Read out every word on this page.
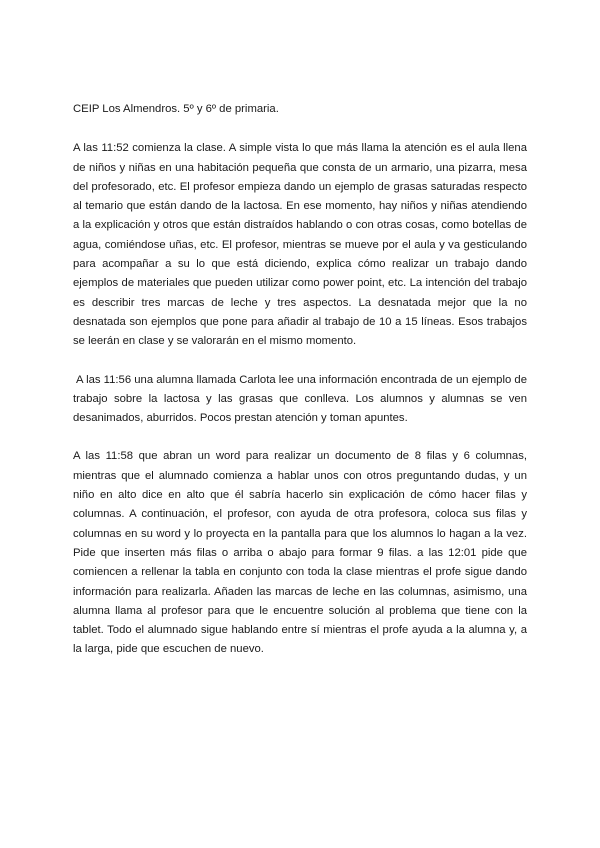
CEIP Los Almendros. 5º y 6º de primaria.

A las 11:52 comienza la clase. A simple vista lo que más llama la atención es el aula llena de niños y niñas en una habitación pequeña que consta de un armario, una pizarra, mesa del profesorado, etc. El profesor empieza dando un ejemplo de grasas saturadas respecto al temario que están dando de la lactosa. En ese momento, hay niños y niñas atendiendo a la explicación y otros que están distraídos hablando o con otras cosas, como botellas de agua, comiéndose uñas, etc. El profesor, mientras se mueve por el aula y va gesticulando para acompañar a su lo que está diciendo, explica cómo realizar un trabajo dando ejemplos de materiales que pueden utilizar como power point, etc. La intención del trabajo es describir tres marcas de leche y tres aspectos. La desnatada mejor que la no desnatada son ejemplos que pone para añadir al trabajo de 10 a 15 líneas. Esos trabajos se leerán en clase y se valorarán en el mismo momento.

A las 11:56 una alumna llamada Carlota lee una información encontrada de un ejemplo de trabajo sobre la lactosa y las grasas que conlleva. Los alumnos y alumnas se ven desanimados, aburridos. Pocos prestan atención y toman apuntes.

A las 11:58 que abran un word para realizar un documento de 8 filas y 6 columnas, mientras que el alumnado comienza a hablar unos con otros preguntando dudas, y un niño en alto dice en alto que él sabría hacerlo sin explicación de cómo hacer filas y columnas. A continuación, el profesor, con ayuda de otra profesora, coloca sus filas y columnas en su word y lo proyecta en la pantalla para que los alumnos lo hagan a la vez. Pide que inserten más filas o arriba o abajo para formar 9 filas. a las 12:01 pide que comiencen a rellenar la tabla en conjunto con toda la clase mientras el profe sigue dando información para realizarla. Añaden las marcas de leche en las columnas, asimismo, una alumna llama al profesor para que le encuentre solución al problema que tiene con la tablet. Todo el alumnado sigue hablando entre sí mientras el profe ayuda a la alumna y, a la larga, pide que escuchen de nuevo.
